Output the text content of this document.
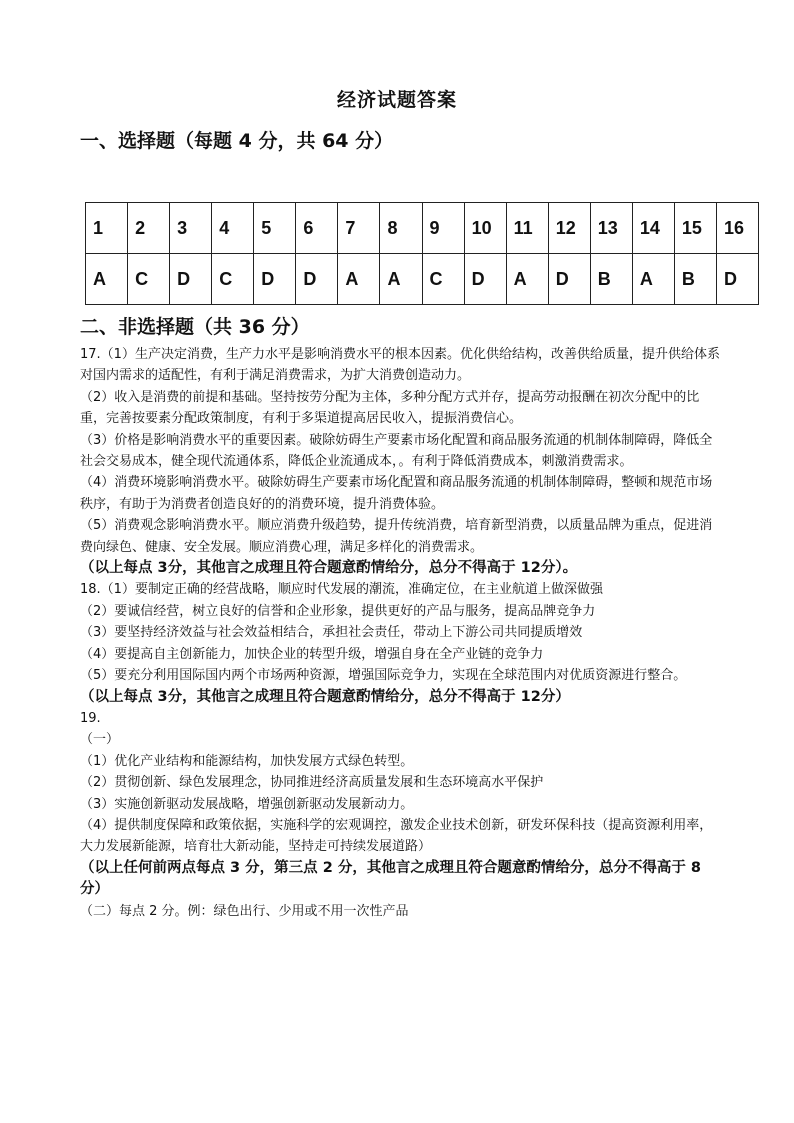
经济试题答案
一、选择题（每题 4 分，共 64 分）
1	2	3	4	5	6	7	8	9	10	11	12	13	14	15	16
A	C	D	C	D	D	A	A	C	D	A	D	B	A	B	D
二、非选择题（共 36 分）

17.（1）生产决定消费，生产力水平是影响消费水平的根本因素。优化供给结构，改善供给质量，提升供给体系对国内需求的适配性，有利于满足消费需求，为扩大消费创造动力。

（2）收入是消费的前提和基础。坚持按劳分配为主体，多种分配方式并存，提高劳动报酬在初次分配中的比重，完善按要素分配政策制度，有利于多渠道提高居民收入，提振消费信心。

（3）价格是影响消费水平的重要因素。破除妨碍生产要素市场化配置和商品服务流通的机制体制障碍，降低全社会交易成本，健全现代流通体系，降低企业流通成本，。有利于降低消费成本，刺激消费需求。

（4）消费环境影响消费水平。破除妨碍生产要素市场化配置和商品服务流通的机制体制障碍，整顿和规范市场秩序，有助于为消费者创造良好的的消费环境，提升消费体验。

（5）消费观念影响消费水平。顺应消费升级趋势，提升传统消费，培育新型消费，以质量品牌为重点，促进消费向绿色、健康、安全发展。顺应消费心理，满足多样化的消费需求。

（以上每点 3分，其他言之成理且符合题意酌情给分，总分不得高于 12分）。

18.（1）要制定正确的经营战略，顺应时代发展的潮流，准确定位，在主业航道上做深做强

（2）要诚信经营，树立良好的信誉和企业形象，提供更好的产品与服务，提高品牌竞争力

（3）要坚持经济效益与社会效益相结合，承担社会责任，带动上下游公司共同提质增效

（4）要提高自主创新能力，加快企业的转型升级，增强自身在全产业链的竞争力

（5）要充分利用国际国内两个市场两种资源，增强国际竞争力，实现在全球范围内对优质资源进行整合。

（以上每点 3分，其他言之成理且符合题意酌情给分，总分不得高于 12分）

19.

（一）

（1）优化产业结构和能源结构，加快发展方式绿色转型。

（2）贯彻创新、绿色发展理念，协同推进经济高质量发展和生态环境高水平保护

（3）实施创新驱动发展战略，增强创新驱动发展新动力。

（4）提供制度保障和政策依据，实施科学的宏观调控，激发企业技术创新，研发环保科技（提高资源利用率，大力发展新能源，培育壮大新动能，坚持走可持续发展道路）

（以上任何前两点每点 3 分，第三点 2 分，其他言之成理且符合题意酌情给分，总分不得高于 8 分）

（二）每点 2 分。例：绿色出行、少用或不用一次性产品
